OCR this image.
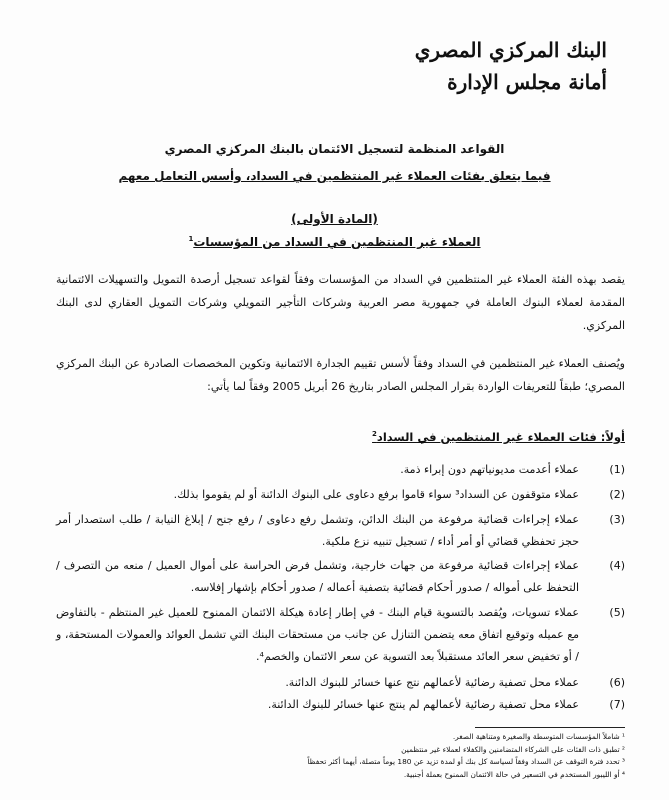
البنك المركزي المصري
أمانة مجلس الإدارة
القواعد المنظمة لتسجيل الائتمان بالبنك المركزي المصري
فيما يتعلق بفئات العملاء غير المنتظمين في السداد، وأسس التعامل معهم
(المادة الأولى)
العملاء غير المنتظمين في السداد من المؤسسات$^1$
يقصد بهذه الفئة العملاء غير المنتظمين في السداد من المؤسسات وفقاً لقواعد تسجيل أرصدة التمويل والتسهيلات الائتمانية المقدمة لعملاء البنوك العاملة في جمهورية مصر العربية وشركات التأجير التمويلي وشركات التمويل العقاري لدى البنك المركزي.
ويُصنف العملاء غير المنتظمين في السداد وفقاً لأسس تقييم الجدارة الائتمانية وتكوين المخصصات الصادرة عن البنك المركزي المصري؛ طبقاً للتعريفات الواردة بقرار المجلس الصادر بتاريخ 26 أبريل 2005 وفقاً لما يأتي:
أولاً: فئات العملاء غير المنتظمين في السداد$^2$
(1)
عملاء أعدمت مديونياتهم دون إبراء ذمة.
(2)
عملاء متوقفون عن السداد³ سواء قاموا برفع دعاوى على البنوك الدائنة أو لم يقوموا بذلك.
(3)
عملاء إجراءات قضائية مرفوعة من البنك الدائن، وتشمل رفع دعاوى / رفع جنح / إبلاغ النيابة / طلب استصدار أمر حجز تحفظي قضائي أو أمر أداء / تسجيل تنبيه نزع ملكية.
(4)
عملاء إجراءات قضائية مرفوعة من جهات خارجية، وتشمل فرض الحراسة على أموال العميل / منعه من التصرف / التحفظ على أمواله / صدور أحكام قضائية بتصفية أعماله / صدور أحكام بإشهار إفلاسه.
(5)
عملاء تسويات، ويُقصد بالتسوية قيام البنك - في إطار إعادة هيكلة الائتمان الممنوح للعميل غير المنتظم - بالتفاوض مع عميله وتوقيع اتفاق معه يتضمن التنازل عن جانب من مستحقات البنك التي تشمل العوائد والعمولات المستحقة، و / أو تخفيض سعر العائد مستقبلاً بعد التسوية عن سعر الائتمان والخصم⁴.
(6)
عملاء محل تصفية رضائية لأعمالهم نتج عنها خسائر للبنوك الدائنة.
(7)
عملاء محل تصفية رضائية لأعمالهم لم ينتج عنها خسائر للبنوك الدائنة.
¹ شاملاً المؤسسات المتوسطة والصغيرة ومتناهية الصغر.
² تطبق ذات الفئات على الشركاء المتضامنين والكفلاء لعملاء غير منتظمين
³ تحدد فترة التوقف عن السداد وفقاً لسياسة كل بنك أو لمدة تزيد عن 180 يوماً متصلة، أيهما أكثر تحفظاً
⁴ أو الليبور المستخدم في التسعير في حالة الائتمان الممنوح بعملة أجنبية.
